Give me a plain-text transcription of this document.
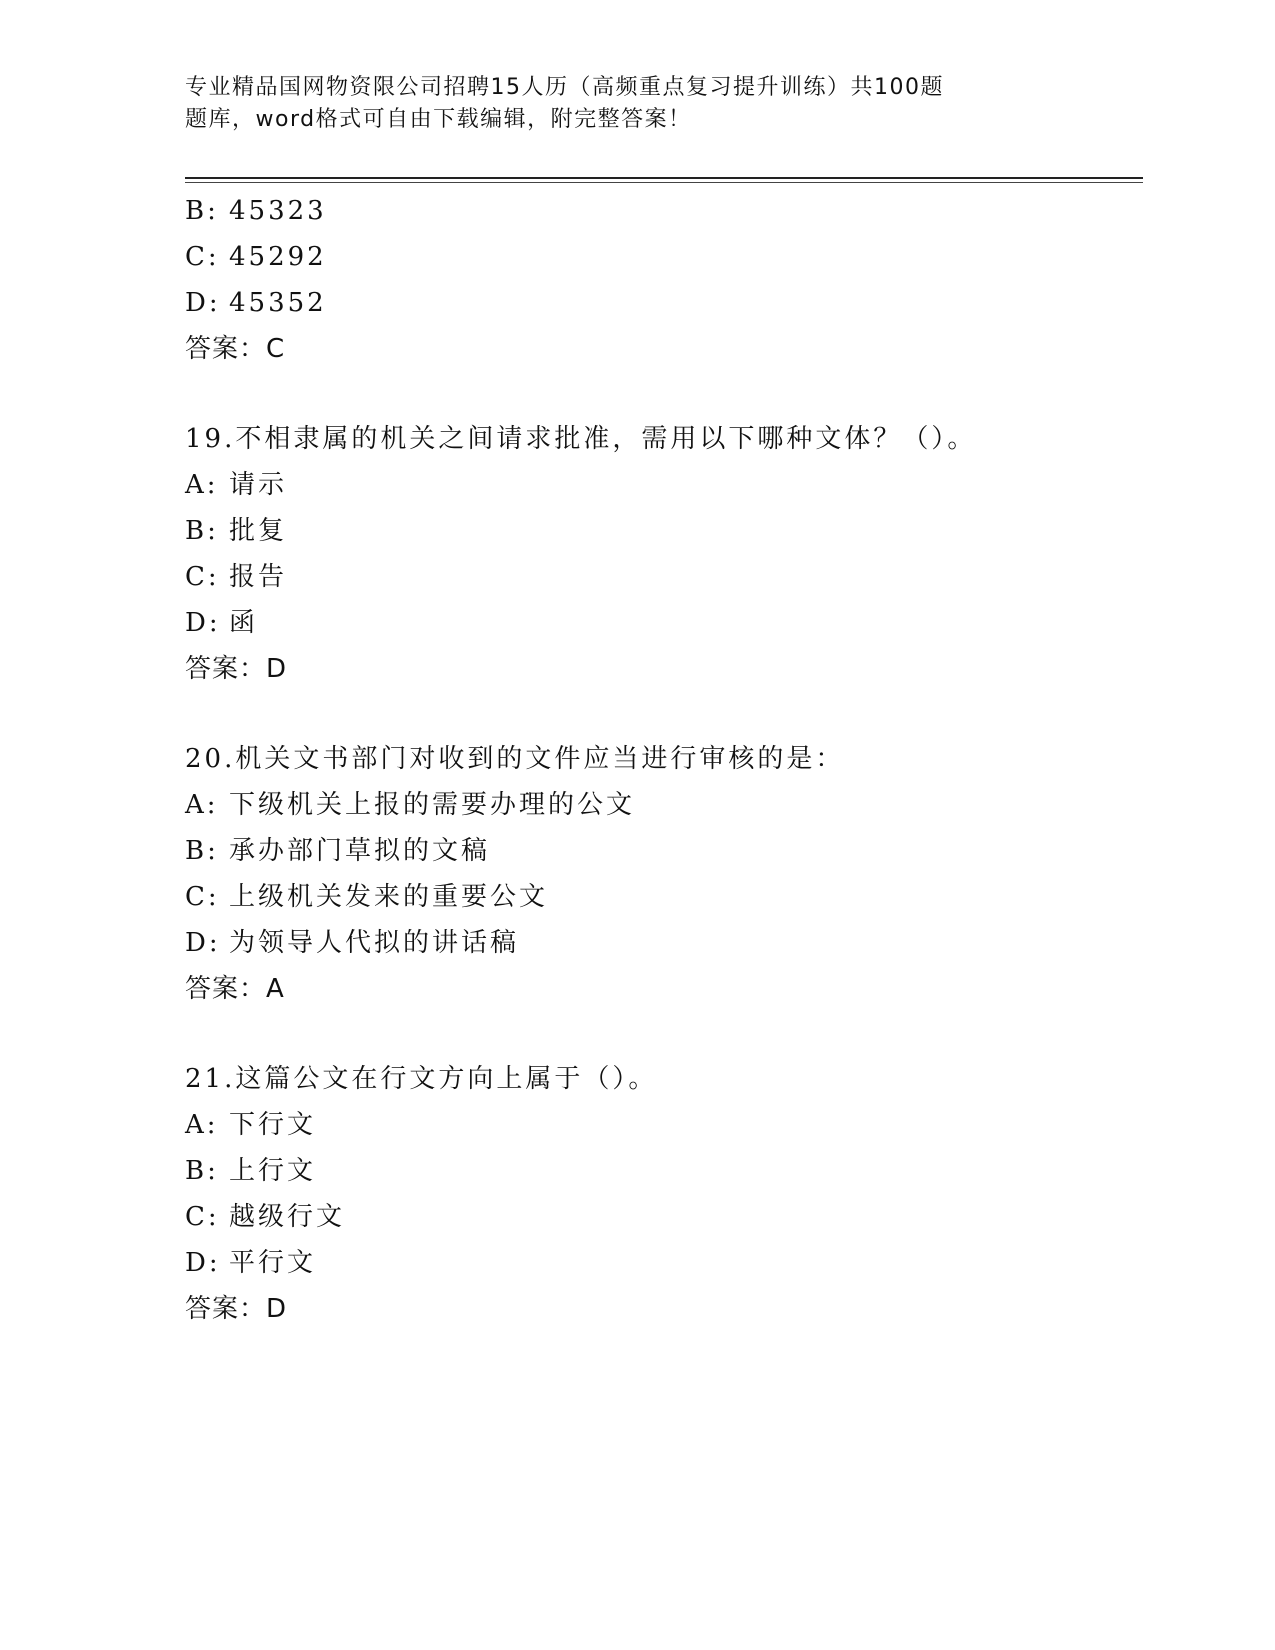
专业精品国网物资限公司招聘15人历（高频重点复习提升训练）共100题
题库，word格式可自由下载编辑，附完整答案！
B: 45323
C: 45292
D: 45352
答案：C
19.不相隶属的机关之间请求批准，需用以下哪种文体？（）。
A: 请示
B: 批复
C: 报告
D: 函
答案：D
20.机关文书部门对收到的文件应当进行审核的是：
A: 下级机关上报的需要办理的公文
B: 承办部门草拟的文稿
C: 上级机关发来的重要公文
D: 为领导人代拟的讲话稿
答案：A
21.这篇公文在行文方向上属于（）。
A: 下行文
B: 上行文
C: 越级行文
D: 平行文
答案：D
